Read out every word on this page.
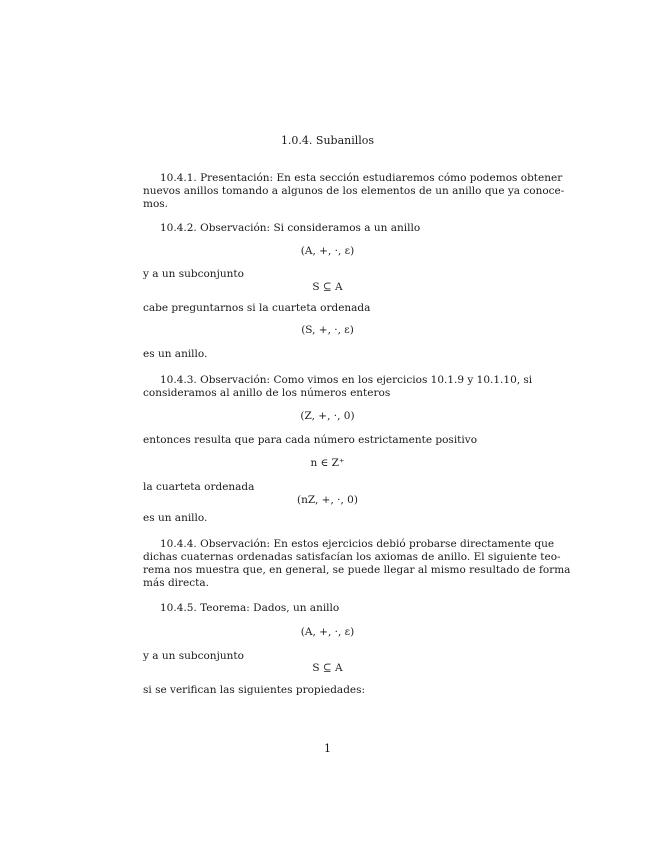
1.0.4. Subanillos
10.4.1. Presentación: En esta sección estudiaremos cómo podemos obtener
nuevos anillos tomando a algunos de los elementos de un anillo que ya conoce-
mos.
10.4.2. Observación: Si consideramos a un anillo
(A, +, ·, ε)
y a un subconjunto
S ⊆ A
cabe preguntarnos si la cuarteta ordenada
(S, +, ·, ε)
es un anillo.
10.4.3. Observación: Como vimos en los ejercicios 10.1.9 y 10.1.10, si
consideramos al anillo de los números enteros
(Z, +, ·, 0)
entonces resulta que para cada número estrictamente positivo
n ∈ Z⁺
la cuarteta ordenada
(nZ, +, ·, 0)
es un anillo.
10.4.4. Observación: En estos ejercicios debió probarse directamente que
dichas cuaternas ordenadas satisfacían los axiomas de anillo. El siguiente teo-
rema nos muestra que, en general, se puede llegar al mismo resultado de forma
más directa.
10.4.5. Teorema: Dados, un anillo
(A, +, ·, ε)
y a un subconjunto
S ⊆ A
si se verifican las siguientes propiedades:
1
